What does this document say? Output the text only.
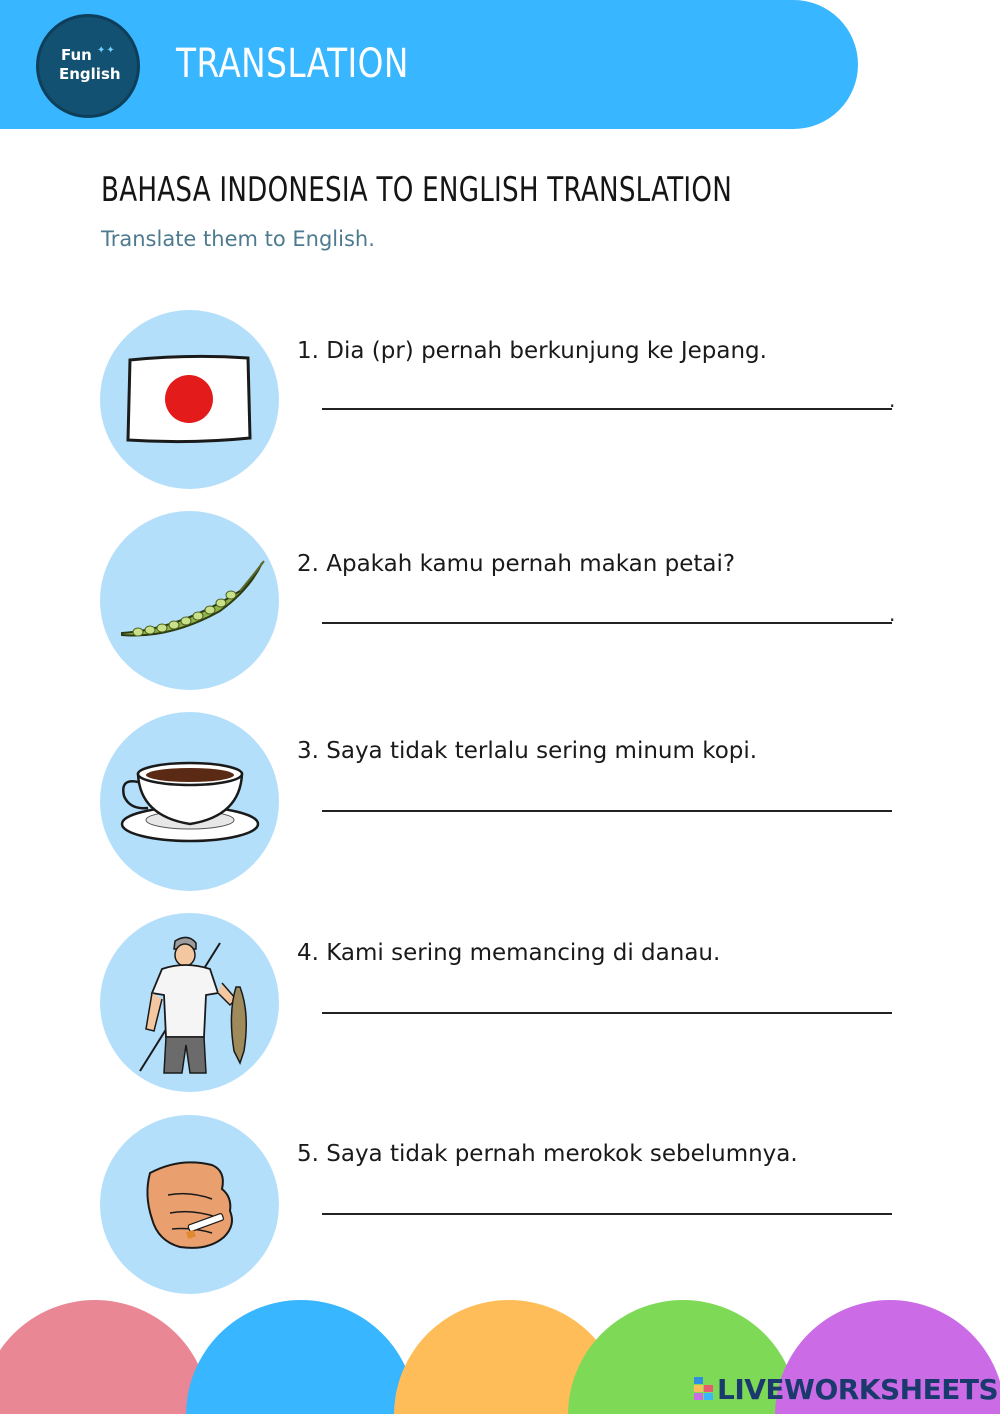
Fun ✦✦
English TRANSLATION
BAHASA INDONESIA TO ENGLISH TRANSLATION
Translate them to English.
1. Dia (pr) pernah berkunjung ke Jepang.
.
2. Apakah kamu pernah makan petai?
.
3. Saya tidak terlalu sering minum kopi.
4. Kami sering memancing di danau.
5. Saya tidak pernah merokok sebelumnya.
LIVEWORKSHEETS
